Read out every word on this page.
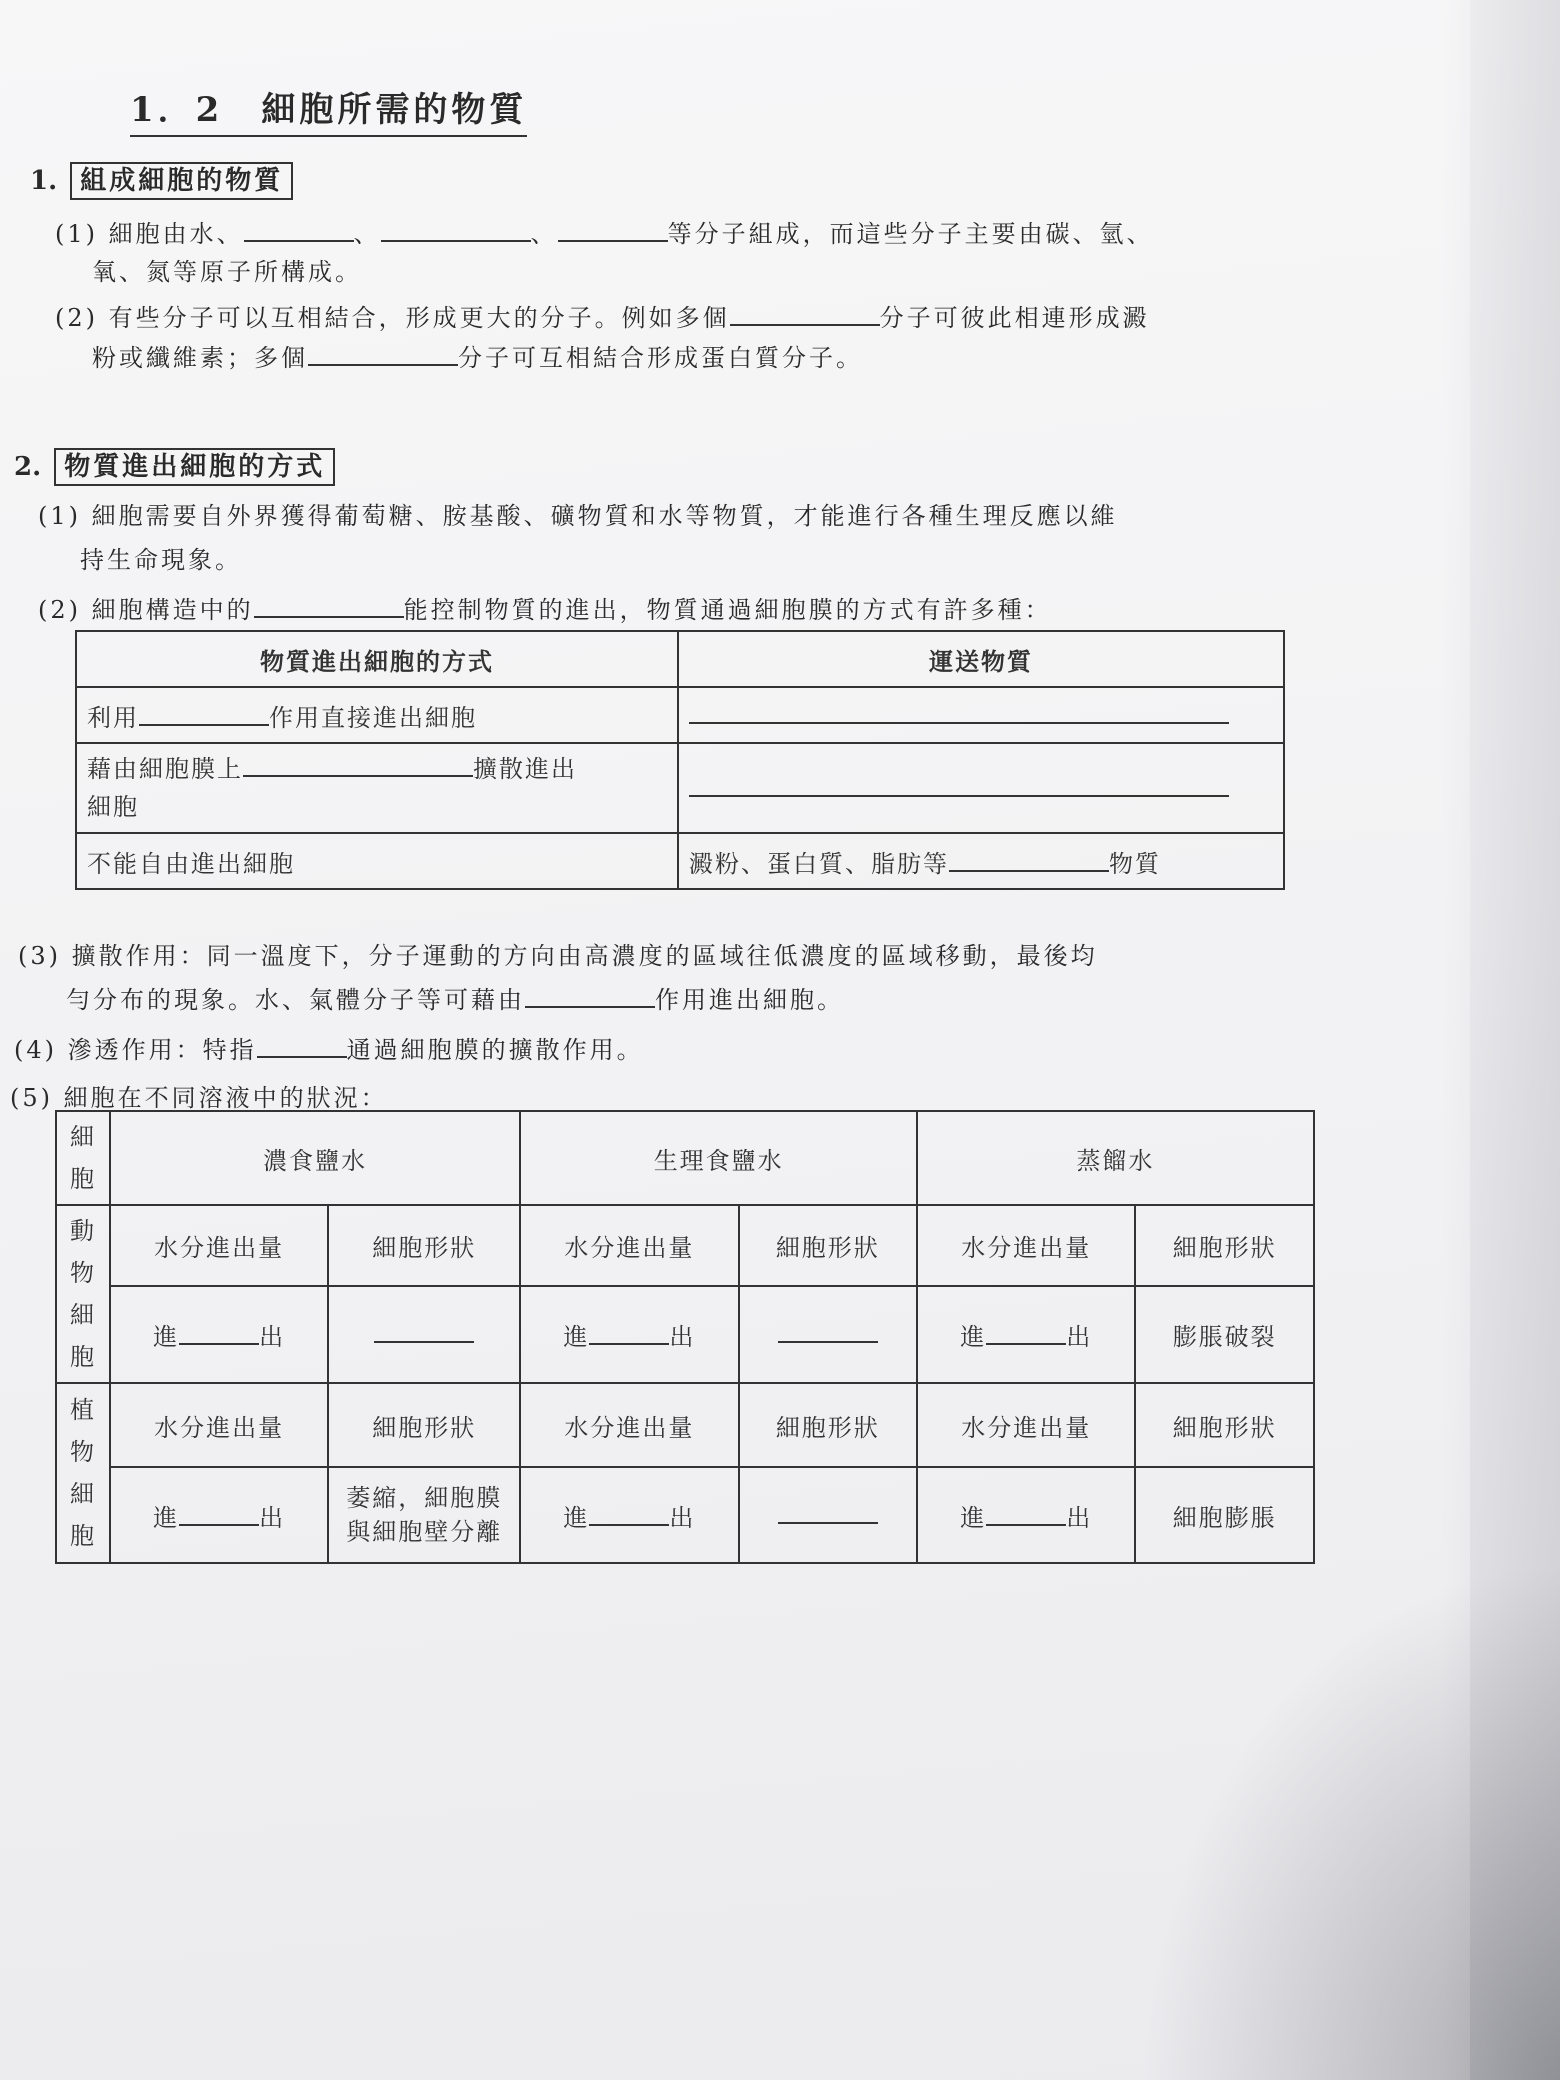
1．2　細胞所需的物質
1. 組成細胞的物質
(1) 細胞由水、	、	、	等分子組成，而這些分子主要由碳、氫、
氧、氮等原子所構成。
(2) 有些分子可以互相結合，形成更大的分子。例如多個	分子可彼此相連形成澱
粉或纖維素；多個	分子可互相結合形成蛋白質分子。
2. 物質進出細胞的方式
(1) 細胞需要自外界獲得葡萄糖、胺基酸、礦物質和水等物質，才能進行各種生理反應以維
持生命現象。
(2) 細胞構造中的	能控制物質的進出，物質通過細胞膜的方式有許多種：
物質進出細胞的方式	運送物質
利用 作用直接進出細胞	
藉由細胞膜上 擴散進出
細胞	
不能自由進出細胞	澱粉、蛋白質、脂肪等 物質
(3) 擴散作用：同一溫度下，分子運動的方向由高濃度的區域往低濃度的區域移動，最後均
勻分布的現象。水、氣體分子等可藉由	作用進出細胞。
(4) 滲透作用：特指	通過細胞膜的擴散作用。
(5) 細胞在不同溶液中的狀況：
細胞	濃食鹽水		生理食鹽水		蒸餾水	
動物細胞	水分進出量	細胞形狀	水分進出量	細胞形狀	水分進出量	細胞形狀
	進 出		進 出		進 出	膨脹破裂
植物細胞	水分進出量	細胞形狀	水分進出量	細胞形狀	水分進出量	細胞形狀
	進 出	萎縮，細胞膜與細胞壁分離	進 出		進 出	細胞膨脹
